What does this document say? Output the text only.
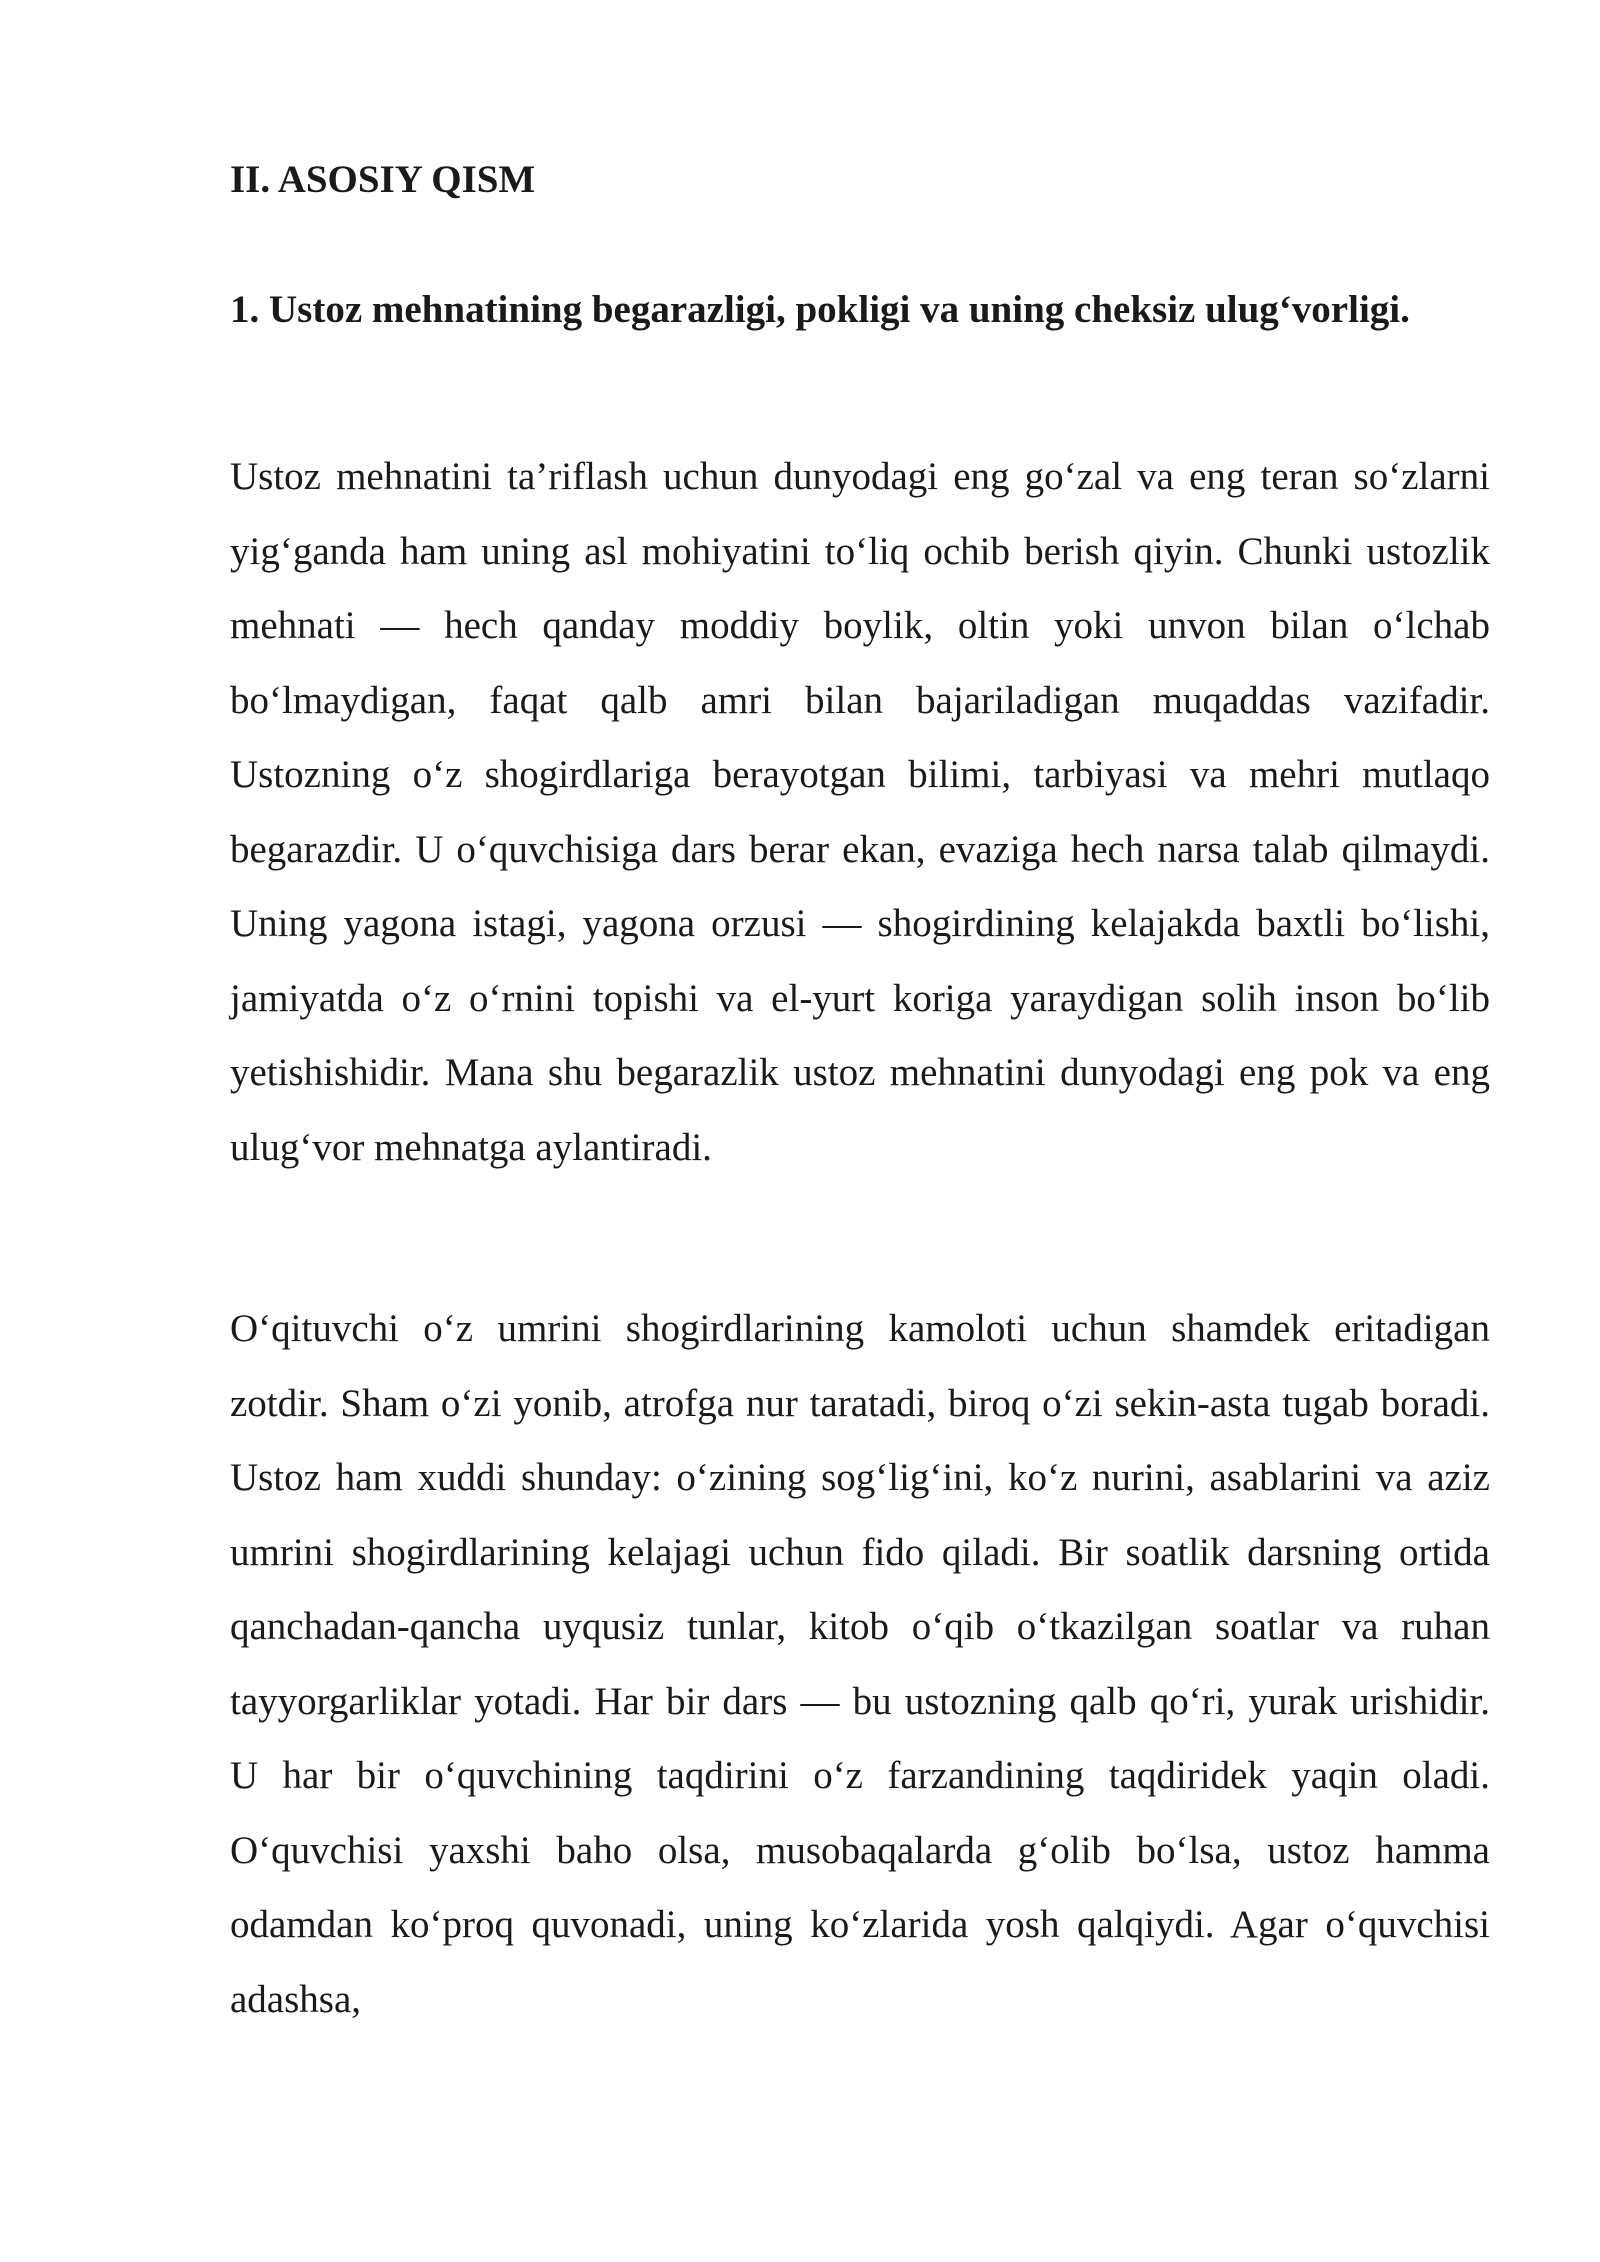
II. ASOSIY QISM
1. Ustoz mehnatining begarazligi, pokligi va uning cheksiz ulug‘vorligi.

Ustoz mehnatini ta’riflash uchun dunyodagi eng go‘zal va eng teran so‘zlarni yig‘ganda ham uning asl mohiyatini to‘liq ochib berish qiyin. Chunki ustozlik mehnati — hech qanday moddiy boylik, oltin yoki unvon bilan o‘lchab bo‘lmaydigan, faqat qalb amri bilan bajariladigan muqaddas vazifadir. Ustozning o‘z shogirdlariga berayotgan bilimi, tarbiyasi va mehri mutlaqo begarazdir. U o‘quvchisiga dars berar ekan, evaziga hech narsa talab qilmaydi. Uning yagona istagi, yagona orzusi — shogirdining kelajakda baxtli bo‘lishi, jamiyatda o‘z o‘rnini topishi va el-yurt koriga yaraydigan solih inson bo‘lib yetishishidir. Mana shu begarazlik ustoz mehnatini dunyodagi eng pok va eng ulug‘vor mehnatga aylantiradi.

O‘qituvchi o‘z umrini shogirdlarining kamoloti uchun shamdek eritadigan zotdir. Sham o‘zi yonib, atrofga nur taratadi, biroq o‘zi sekin-asta tugab boradi. Ustoz ham xuddi shunday: o‘zining sog‘lig‘ini, ko‘z nurini, asablarini va aziz umrini shogirdlarining kelajagi uchun fido qiladi. Bir soatlik darsning ortida qanchadan-qancha uyqusiz tunlar, kitob o‘qib o‘tkazilgan soatlar va ruhan tayyorgarliklar yotadi. Har bir dars — bu ustozning qalb qo‘ri, yurak urishidir. U har bir o‘quvchining taqdirini o‘z farzandining taqdiridek yaqin oladi. O‘quvchisi yaxshi baho olsa, musobaqalarda g‘olib bo‘lsa, ustoz hamma odamdan ko‘proq quvonadi, uning ko‘zlarida yosh qalqiydi. Agar o‘quvchisi adashsa,
